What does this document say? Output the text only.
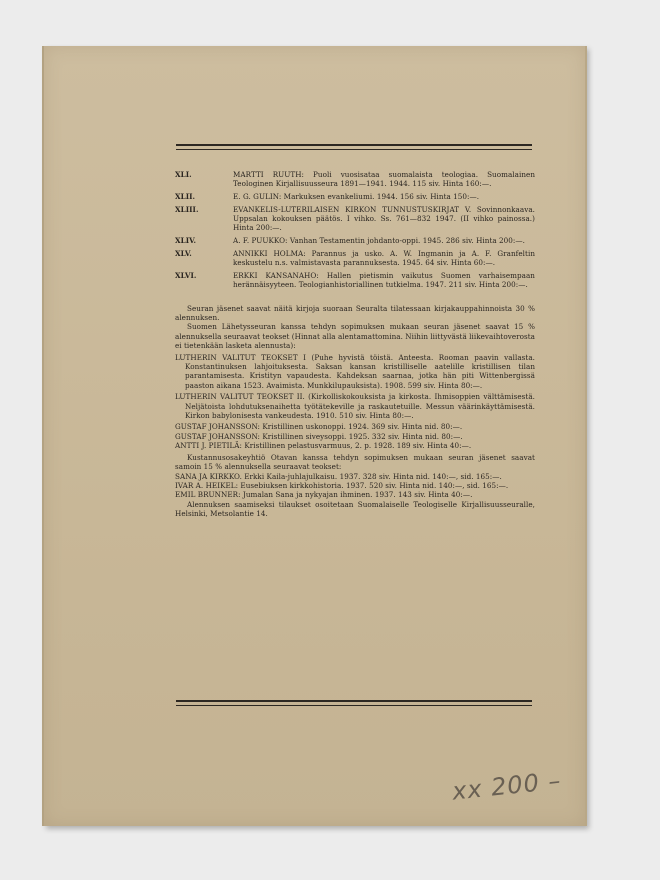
XLI.	MARTTI RUUTH: Puoli vuosisataa suomalaista teologiaa. Suomalainen Teologinen Kirjallisuusseura 1891—1941. 1944. 115 siv. Hinta 160:—.
XLII.	E. G. GULIN: Markuksen evankeliumi. 1944. 156 siv. Hinta 150:—.
XLIII.	EVANKELIS-LUTERILAISEN KIRKON TUNNUSTUSKIRJAT V. Sovinnonkaava. Uppsalan kokouksen päätös. I vihko. Ss. 761—832 1947. (II vihko painossa.) Hinta 200:—.
XLIV.	A. F. PUUKKO: Vanhan Testamentin johdanto-oppi. 1945. 286 siv. Hinta 200:—.
XLV.	ANNIKKI HOLMA: Parannus ja usko. A. W. Ingmanin ja A. F. Granfeltin keskustelu n.s. valmistavasta parannuksesta. 1945. 64 siv. Hinta 60:—.
XLVI.	ERKKI KANSANAHO: Hallen pietismin vaikutus Suomen varhaisempaan herännäisyyteen. Teologianhistoriallinen tutkielma. 1947. 211 siv. Hinta 200:—.

Seuran jäsenet saavat näitä kirjoja suoraan Seuralta tilatessaan kirjakauppahinnoista 30 % alennuksen.

Suomen Lähetysseuran kanssa tehdyn sopimuksen mukaan seuran jäsenet saavat 15 % alennuksella seuraavat teokset (Hinnat alla alentamattomina. Niihin liittyvästä liikevaihtoverosta ei tietenkään lasketa alennusta):

LUTHERIN VALITUT TEOKSET I (Puhe hyvistä töistä. Anteesta. Rooman paavin vallasta. Konstantinuksen lahjoituksesta. Saksan kansan kristilliselle aatelille kristillisen tilan parantamisesta. Kristityn vapaudesta. Kahdeksan saarnaa, jotka hän piti Wittenbergissä paaston aikana 1523. Avaimista. Munkkilupauksista). 1908. 599 siv. Hinta 80:—.

LUTHERIN VALITUT TEOKSET II. (Kirkolliskokouksista ja kirkosta. Ihmisoppien välttämisestä. Neljätoista lohdutuksenaihetta työtätekeville ja raskautetuille. Messun väärinkäyttämisestä. Kirkon babylonisesta vankeudesta. 1910. 510 siv. Hinta 80:—.

GUSTAF JOHANSSON: Kristillinen uskonoppi. 1924. 369 siv. Hinta nid. 80:—.

GUSTAF JOHANSSON: Kristillinen siveysoppi. 1925. 332 siv. Hinta nid. 80:—.

ANTTI J. PIETILÄ: Kristillinen pelastusvarmuus, 2. p. 1928. 189 siv. Hinta 40:—.

Kustannusosakeyhtiö Otavan kanssa tehdyn sopimuksen mukaan seuran jäsenet saavat samoin 15 % alennuksella seuraavat teokset:

SANA JA KIRKKO. Erkki Kaila-juhlajulkaisu. 1937. 328 siv. Hinta nid. 140:—, sid. 165:—.

IVAR A. HEIKEL: Eusebiuksen kirkkohistoria. 1937. 520 siv. Hinta nid. 140:—, sid. 165:—.

EMIL BRUNNER: Jumalan Sana ja nykyajan ihminen. 1937. 143 siv. Hinta 40:—.

Alennuksen saamiseksi tilaukset osoitetaan Suomalaiselle Teologiselle Kirjallisuusseuralle, Helsinki, Metsolantie 14.

xx 200 –
